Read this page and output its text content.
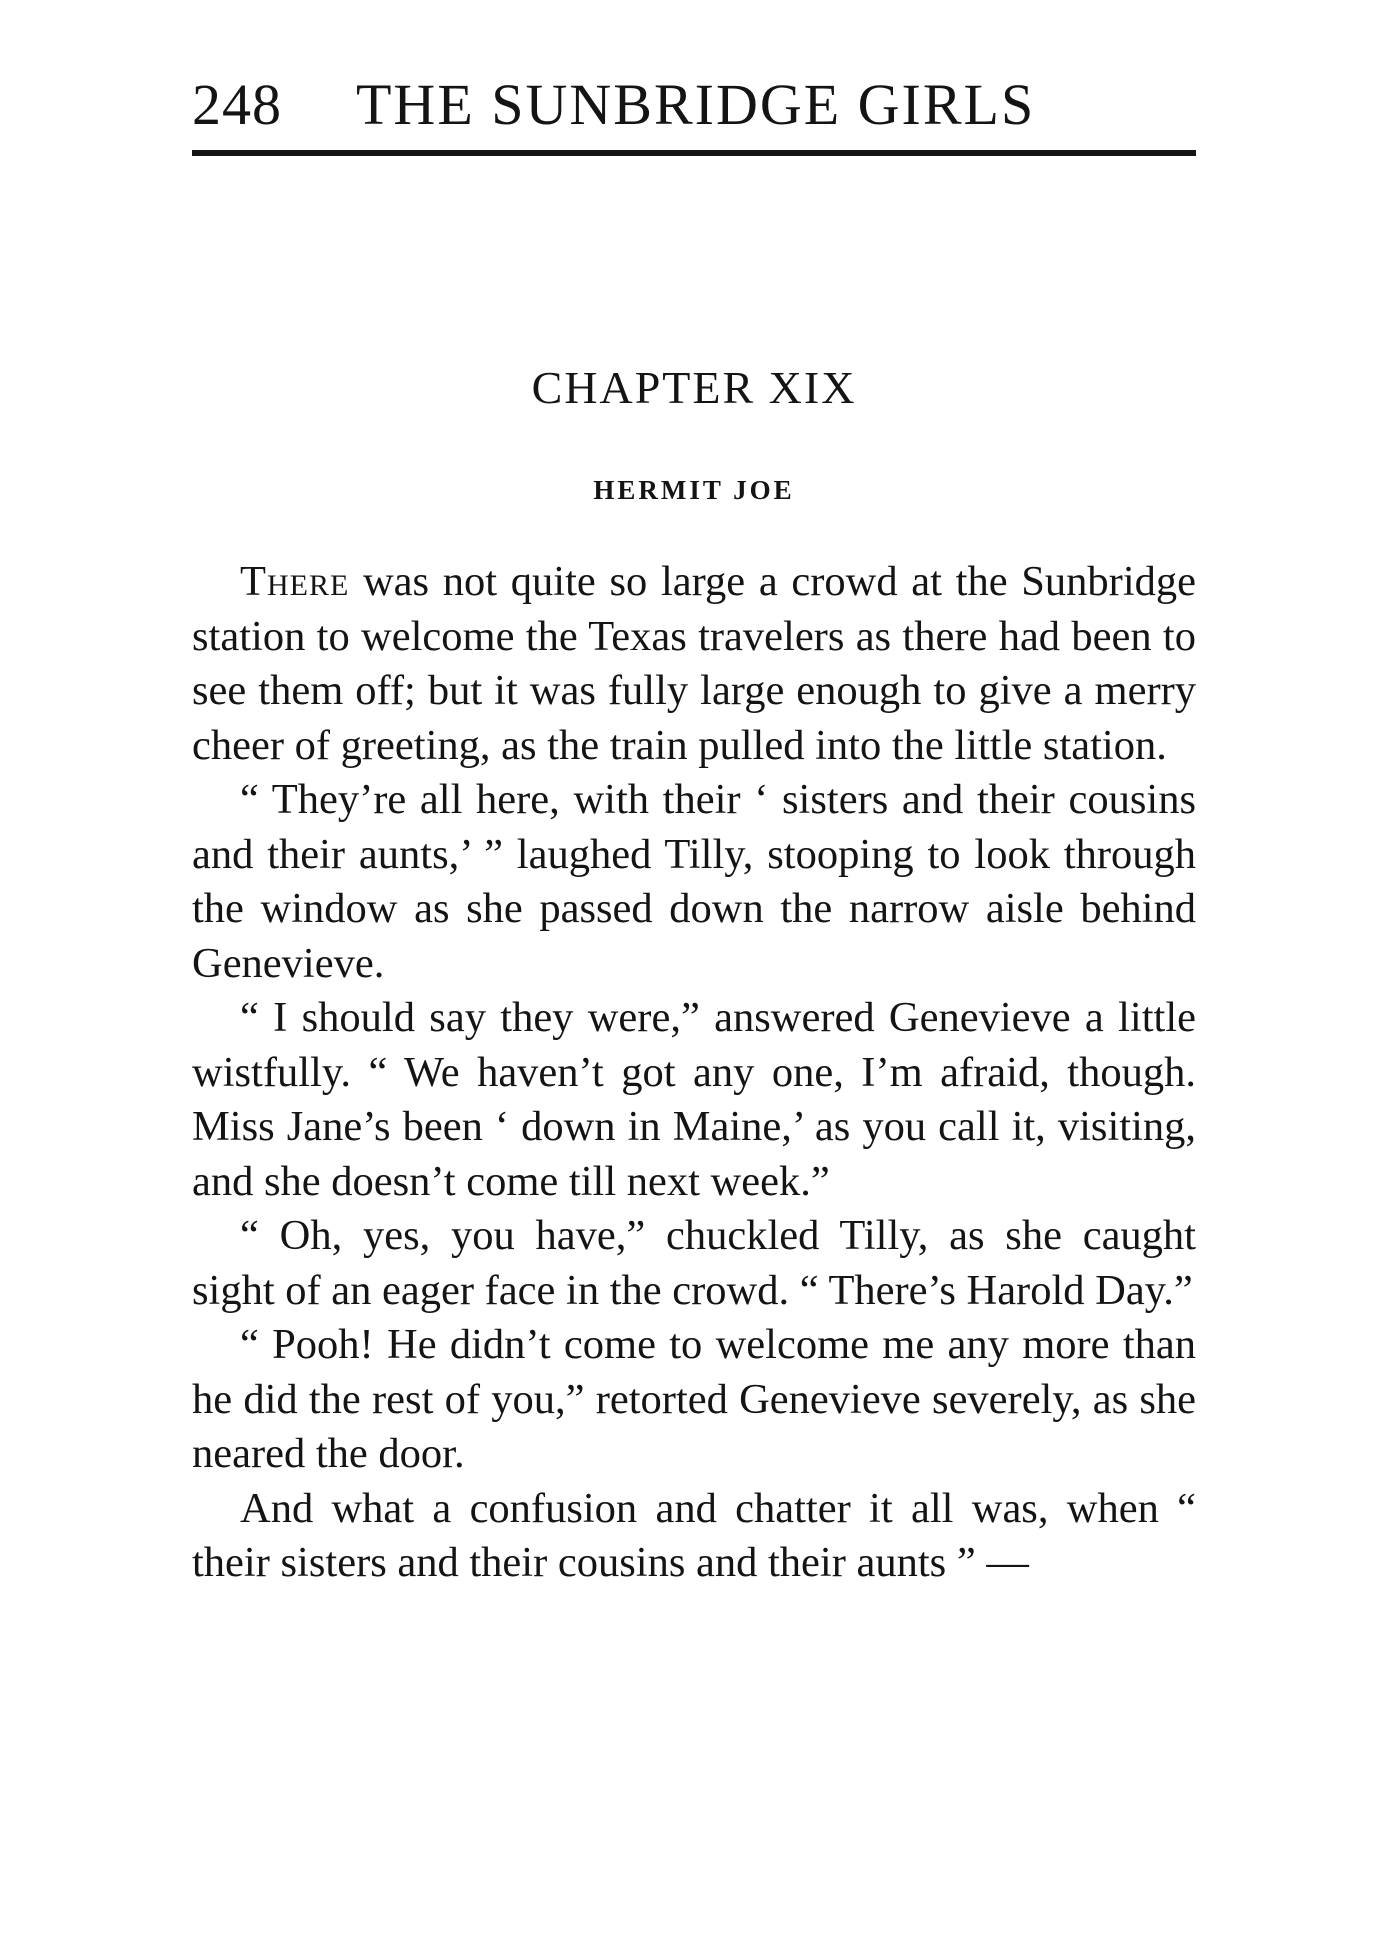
248 THE SUNBRIDGE GIRLS
CHAPTER XIX
HERMIT JOE

There was not quite so large a crowd at the Sunbridge station to welcome the Texas travelers as there had been to see them off; but it was fully large enough to give a merry cheer of greeting, as the train pulled into the little station.

“ They’re all here, with their ‘ sisters and their cousins and their aunts,’ ” laughed Tilly, stooping to look through the window as she passed down the narrow aisle behind Genevieve.

“ I should say they were,” answered Genevieve a little wistfully. “ We haven’t got any one, I’m afraid, though. Miss Jane’s been ‘ down in Maine,’ as you call it, visiting, and she doesn’t come till next week.”

“ Oh, yes, you have,” chuckled Tilly, as she caught sight of an eager face in the crowd. “ There’s Harold Day.”

“ Pooh! He didn’t come to welcome me any more than he did the rest of you,” retorted Genevieve severely, as she neared the door.

And what a confusion and chatter it all was, when “ their sisters and their cousins and their aunts ” —
